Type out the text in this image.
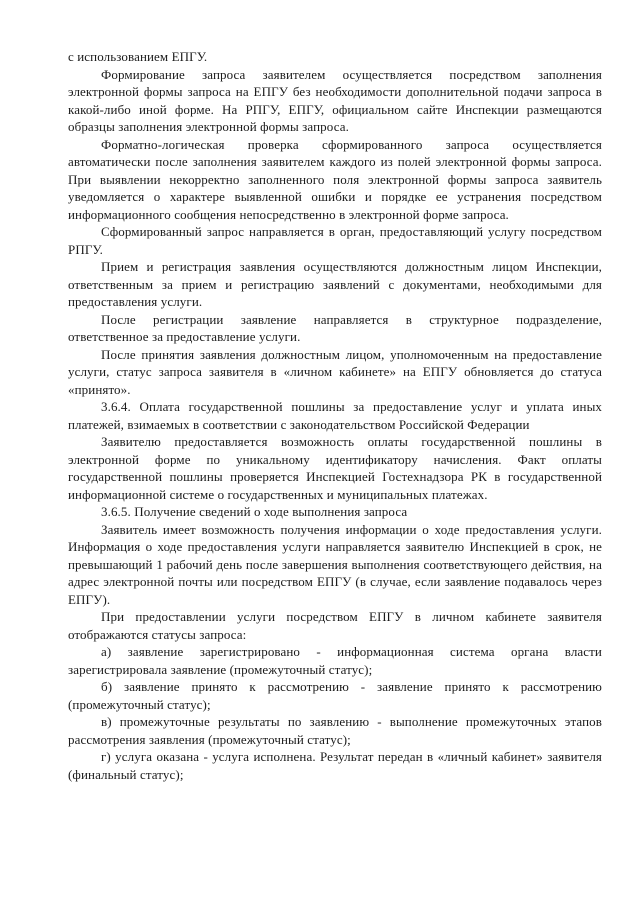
с использованием ЕПГУ.

Формирование запроса заявителем осуществляется посредством заполнения электронной формы запроса на ЕПГУ без необходимости дополнительной подачи запроса в какой-либо иной форме. На РПГУ, ЕПГУ, официальном сайте Инспекции размещаются образцы заполнения электронной формы запроса.

Форматно-логическая проверка сформированного запроса осуществляется автоматически после заполнения заявителем каждого из полей электронной формы запроса. При выявлении некорректно заполненного поля электронной формы запроса заявитель уведомляется о характере выявленной ошибки и порядке ее устранения посредством информационного сообщения непосредственно в электронной форме запроса.

Сформированный запрос направляется в орган, предоставляющий услугу посредством РПГУ.

Прием и регистрация заявления осуществляются должностным лицом Инспекции, ответственным за прием и регистрацию заявлений с документами, необходимыми для предоставления услуги.

После регистрации заявление направляется в структурное подразделение, ответственное за предоставление услуги.

После принятия заявления должностным лицом, уполномоченным на предоставление услуги, статус запроса заявителя в «личном кабинете» на ЕПГУ обновляется до статуса «принято».

3.6.4. Оплата государственной пошлины за предоставление услуг и уплата иных платежей, взимаемых в соответствии с законодательством Российской Федерации

Заявителю предоставляется возможность оплаты государственной пошлины в электронной форме по уникальному идентификатору начисления. Факт оплаты государственной пошлины проверяется Инспекцией Гостехнадзора РК в государственной информационной системе о государственных и муниципальных платежах.

3.6.5. Получение сведений о ходе выполнения запроса

Заявитель имеет возможность получения информации о ходе предоставления услуги. Информация о ходе предоставления услуги направляется заявителю Инспекцией в срок, не превышающий 1 рабочий день после завершения выполнения соответствующего действия, на адрес электронной почты или посредством ЕПГУ (в случае, если заявление подавалось через ЕПГУ).

При предоставлении услуги посредством ЕПГУ в личном кабинете заявителя отображаются статусы запроса:

а) заявление зарегистрировано - информационная система органа власти зарегистрировала заявление (промежуточный статус);

б) заявление принято к рассмотрению - заявление принято к рассмотрению (промежуточный статус);

в) промежуточные результаты по заявлению - выполнение промежуточных этапов рассмотрения заявления (промежуточный статус);

г) услуга оказана - услуга исполнена. Результат передан в «личный кабинет» заявителя (финальный статус);
